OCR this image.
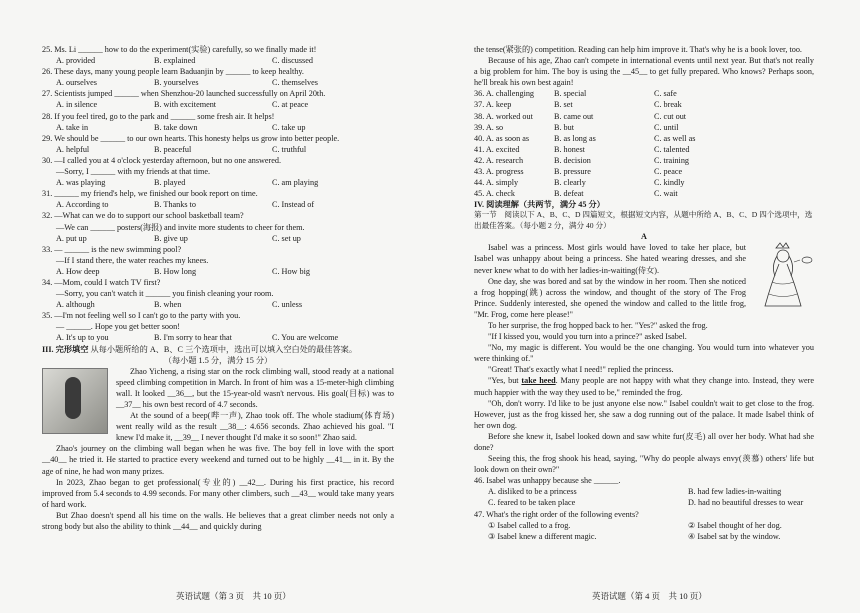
25. Ms. Li ______ how to do the experiment(实验) carefully, so we finally made it!
A. provided	B. explained	C. discussed
26. These days, many young people learn Baduanjin by ______ to keep healthy.
A. ourselves	B. yourselves	C. themselves
27. Scientists jumped ______ when Shenzhou-20 launched successfully on April 20th.
A. in silence	B. with excitement	C. at peace
28. If you feel tired, go to the park and ______ some fresh air. It helps!
A. take in	B. take down	C. take up
29. We should be ______ to our own hearts. This honesty helps us grow into better people.
A. helpful	B. peaceful	C. truthful
30. —I called you at 4 o'clock yesterday afternoon, but no one answered.
—Sorry, I ______ with my friends at that time.
A. was playing	B. played	C. am playing
31. ______ my friend's help, we finished our book report on time.
A. According to	B. Thanks to	C. Instead of
32. —What can we do to support our school basketball team?
—We can ______ posters(海报) and invite more students to cheer for them.
A. put up	B. give up	C. set up
33. — ______ is the new swimming pool?
—If I stand there, the water reaches my knees.
A. How deep	B. How long	C. How big
34. —Mom, could I watch TV first?
—Sorry, you can't watch it ______ you finish cleaning your room.
A. although	B. when	C. unless
35. —I'm not feeling well so I can't go to the party with you.
— ______. Hope you get better soon!
A. It's up to you	B. I'm sorry to hear that	C. You are welcome
III. 完形填空 从每小题所给的 A、B、C 三个选项中，选出可以填入空白处的最佳答案。
（每小题 1.5 分，满分 15 分）
Zhao Yicheng, a rising star on the rock climbing wall, stood ready at a national speed climbing competition in March. In front of him was a 15-meter-high climbing wall. It looked __36__, but the 15-year-old wasn't nervous. His goal(目标) was to __37__ his own best record of 4.7 seconds.
At the sound of a beep(哔一声), Zhao took off. The whole stadium(体育场) went really wild as the result __38__: 4.656 seconds. Zhao achieved his goal. "I knew I'd make it, __39__ I never thought I'd make it so soon!" Zhao said.
Zhao's journey on the climbing wall began when he was five. The boy fell in love with the sport __40__ he tried it. He started to practice every weekend and turned out to be highly __41__ in it. By the age of nine, he had won many prizes.
In 2023, Zhao began to get professional(专业的) __42__. During his first practice, his record improved from 5.4 seconds to 4.99 seconds. For many other climbers, such __43__ would take many years of hard work.
But Zhao doesn't spend all his time on the walls. He believes that a great climber needs not only a strong body but also the ability to think __44__ and quickly during
the tense(紧张的) competition. Reading can help him improve it. That's why he is a book lover, too.
Because of his age, Zhao can't compete in international events until next year. But that's not really a big problem for him. The boy is using the __45__ to get fully prepared. Who knows? Perhaps soon, he'll break his own best again!
36. A. challenging	B. special	C. safe
37. A. keep	B. set	C. break
38. A. worked out	B. came out	C. cut out
39. A. so	B. but	C. until
40. A. as soon as	B. as long as	C. as well as
41. A. excited	B. honest	C. talented
42. A. research	B. decision	C. training
43. A. progress	B. pressure	C. peace
44. A. simply	B. clearly	C. kindly
45. A. check	B. defeat	C. wait
IV. 阅读理解（共两节，满分 45 分）
第一节　阅读以下 A、B、C、D 四篇短文，根据短文内容，从题中所给 A、B、C、D 四个选项中，选出最佳答案。（每小题 2 分，满分 40 分）
A
Isabel was a princess. Most girls would have loved to take her place, but Isabel was unhappy about being a princess. She hated wearing dresses, and she never knew what to do with her ladies-in-waiting(侍女).
One day, she was bored and sat by the window in her room. Then she noticed a frog hopping(跳) across the window, and thought of the story of The Frog Prince. Suddenly interested, she opened the window and called to the little frog, "Mr. Frog, come here please!"
To her surprise, the frog hopped back to her. "Yes?" asked the frog.
"If I kissed you, would you turn into a prince?" asked Isabel.
"No, my magic is different. You would be the one changing. You would turn into whatever you were thinking of."
"Great! That's exactly what I need!" replied the princess.
"Yes, but take heed. Many people are not happy with what they change into. Instead, they were much happier with the way they used to be," reminded the frog.
"Oh, don't worry. I'd like to be just anyone else now." Isabel couldn't wait to get close to the frog. However, just as the frog kissed her, she saw a dog running out of the palace. It made Isabel think of her own dog.
Before she knew it, Isabel looked down and saw white fur(皮毛) all over her body. What had she done?
Seeing this, the frog shook his head, saying, "Why do people always envy(羡慕) others' life but look down on their own?"
46. Isabel was unhappy because she ______.
A. disliked to be a princess	B. had few ladies-in-waiting
C. feared to be taken place	D. had no beautiful dresses to wear
47. What's the right order of the following events?
① Isabel called to a frog.	② Isabel thought of her dog.
③ Isabel knew a different magic.	④ Isabel sat by the window.
英语试题（第 3 页　共 10 页）	英语试题（第 4 页　共 10 页）
